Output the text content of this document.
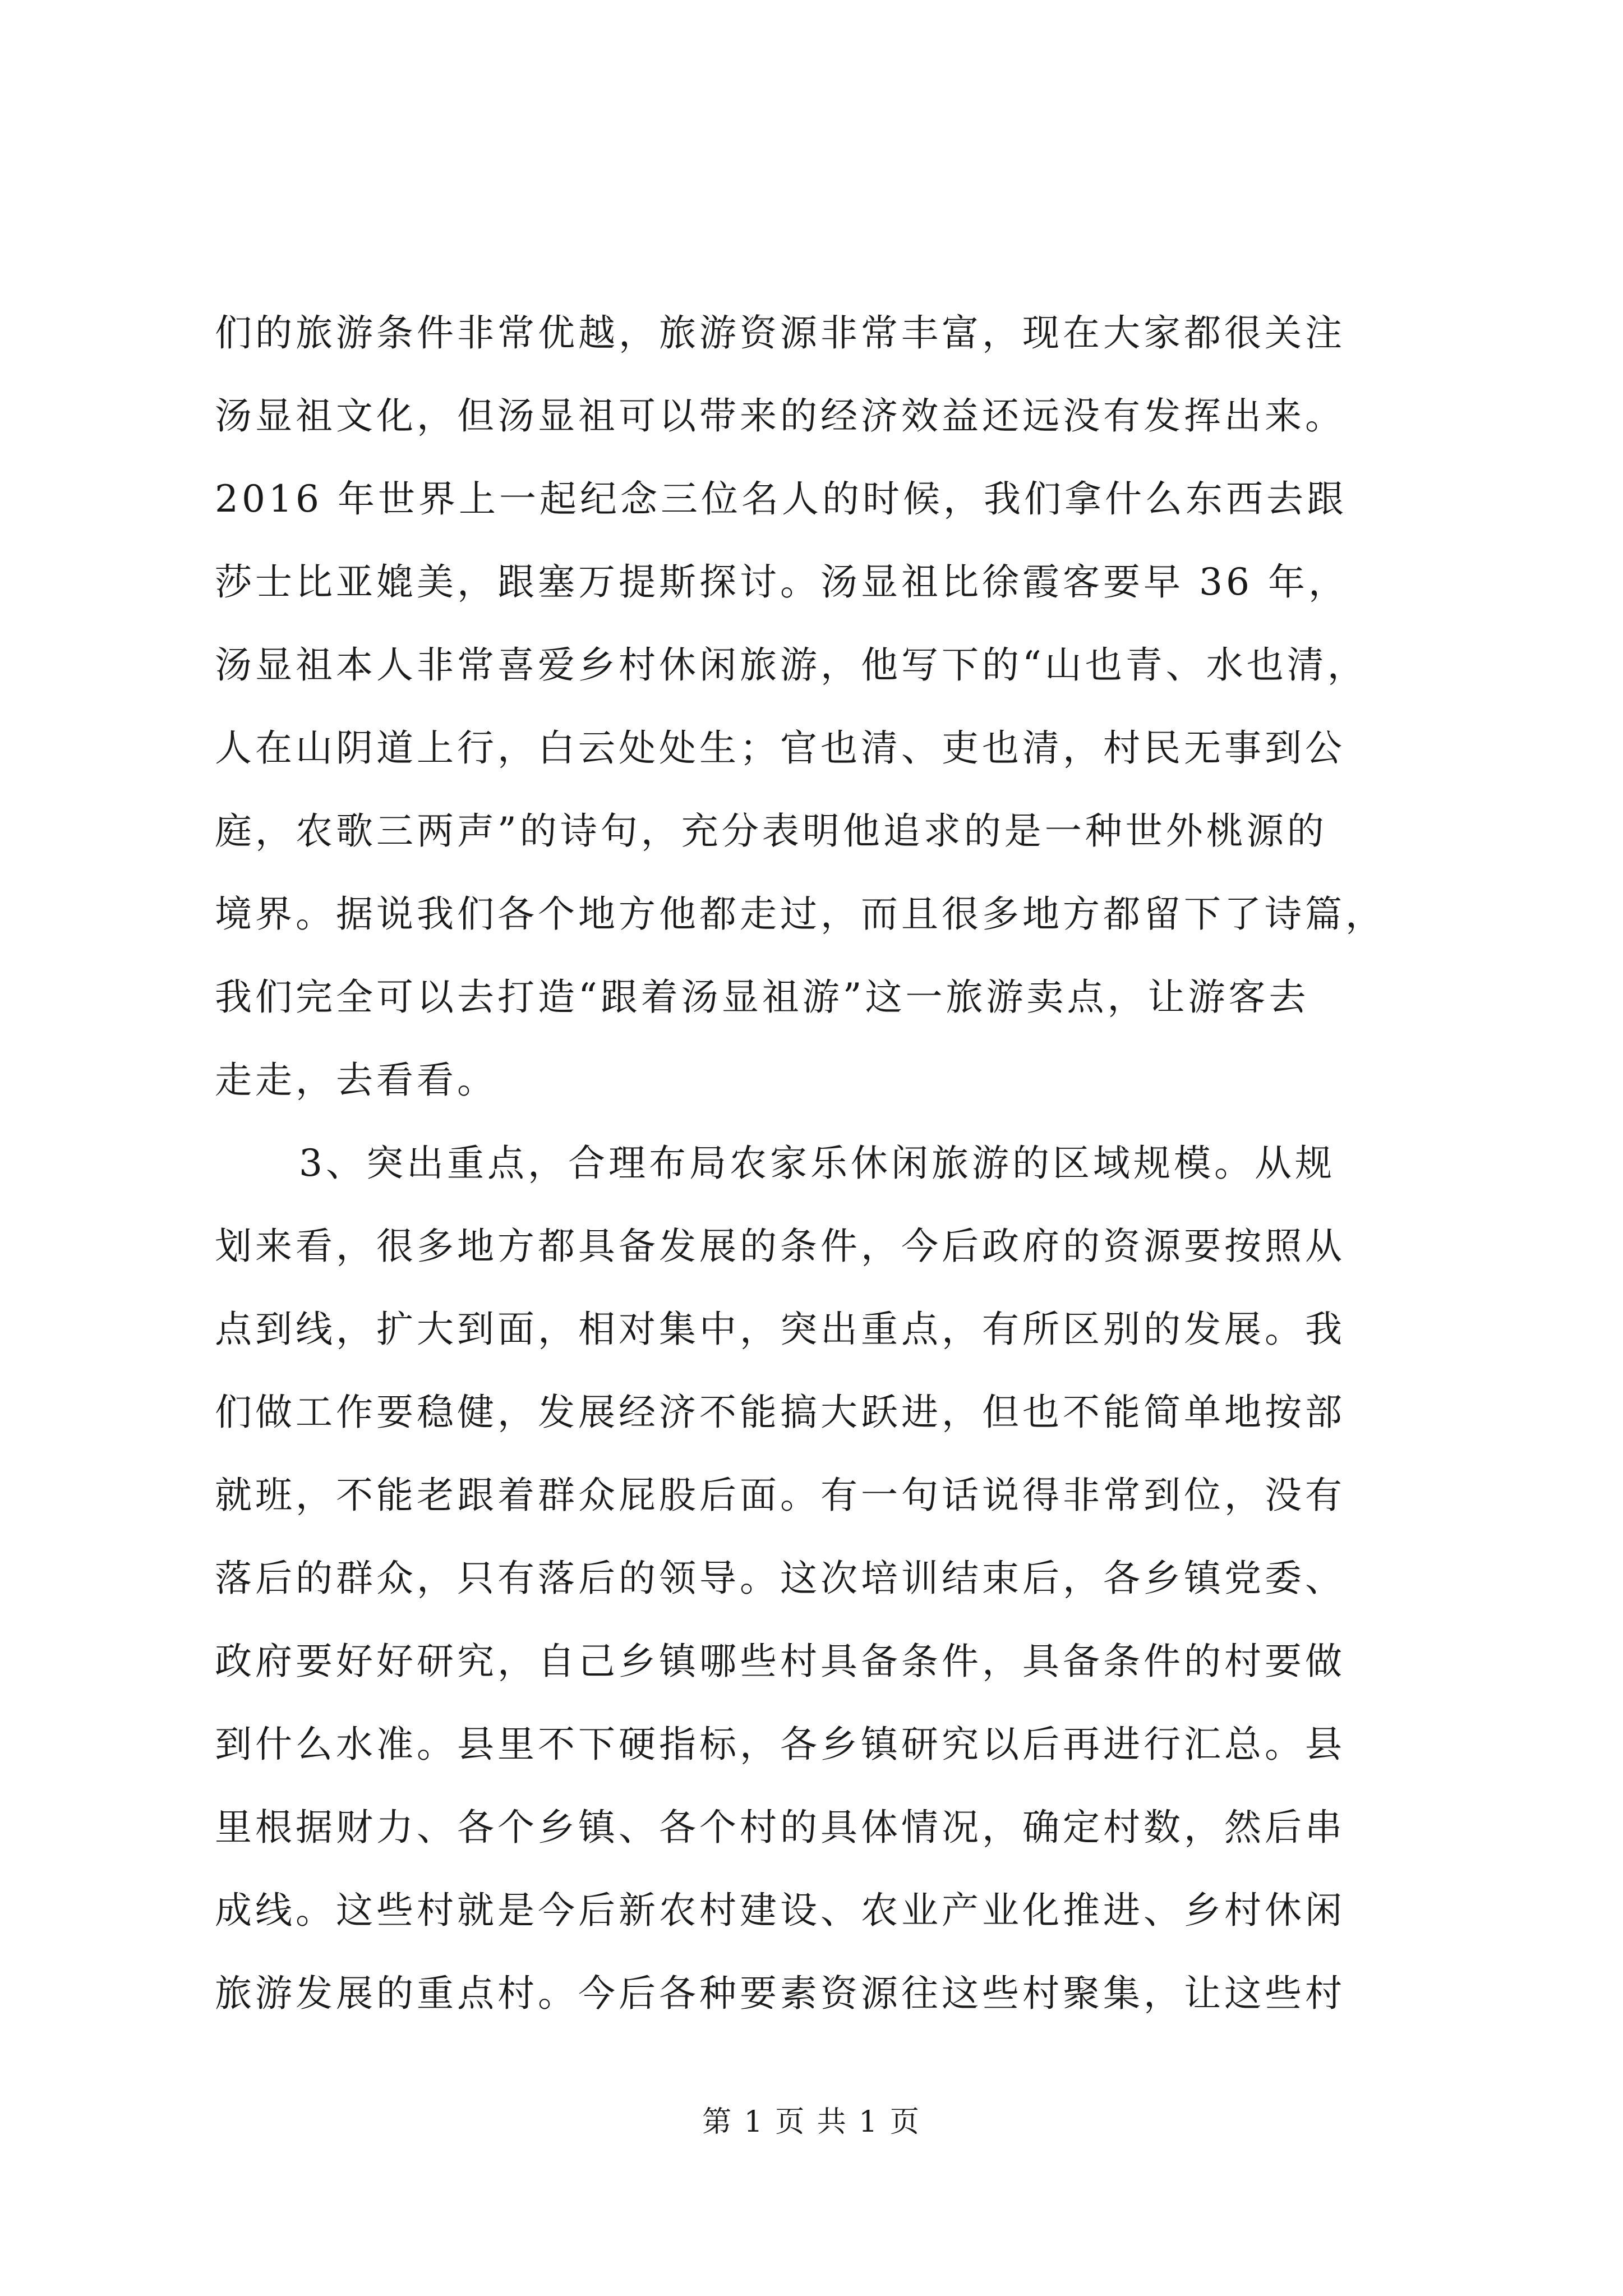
们的旅游条件非常优越，旅游资源非常丰富，现在大家都很关注
汤显祖文化，但汤显祖可以带来的经济效益还远没有发挥出来。
2016 年世界上一起纪念三位名人的时候，我们拿什么东西去跟
莎士比亚媲美，跟塞万提斯探讨。汤显祖比徐霞客要早 36 年，
汤显祖本人非常喜爱乡村休闲旅游，他写下的“山也青、水也清，
人在山阴道上行，白云处处生；官也清、吏也清，村民无事到公
庭，农歌三两声”的诗句，充分表明他追求的是一种世外桃源的
境界。据说我们各个地方他都走过，而且很多地方都留下了诗篇，
我们完全可以去打造“跟着汤显祖游”这一旅游卖点，让游客去
走走，去看看。
3、突出重点，合理布局农家乐休闲旅游的区域规模。从规
划来看，很多地方都具备发展的条件，今后政府的资源要按照从
点到线，扩大到面，相对集中，突出重点，有所区别的发展。我
们做工作要稳健，发展经济不能搞大跃进，但也不能简单地按部
就班，不能老跟着群众屁股后面。有一句话说得非常到位，没有
落后的群众，只有落后的领导。这次培训结束后，各乡镇党委、
政府要好好研究，自己乡镇哪些村具备条件，具备条件的村要做
到什么水准。县里不下硬指标，各乡镇研究以后再进行汇总。县
里根据财力、各个乡镇、各个村的具体情况，确定村数，然后串
成线。这些村就是今后新农村建设、农业产业化推进、乡村休闲
旅游发展的重点村。今后各种要素资源往这些村聚集，让这些村
第 1 页 共 1 页
